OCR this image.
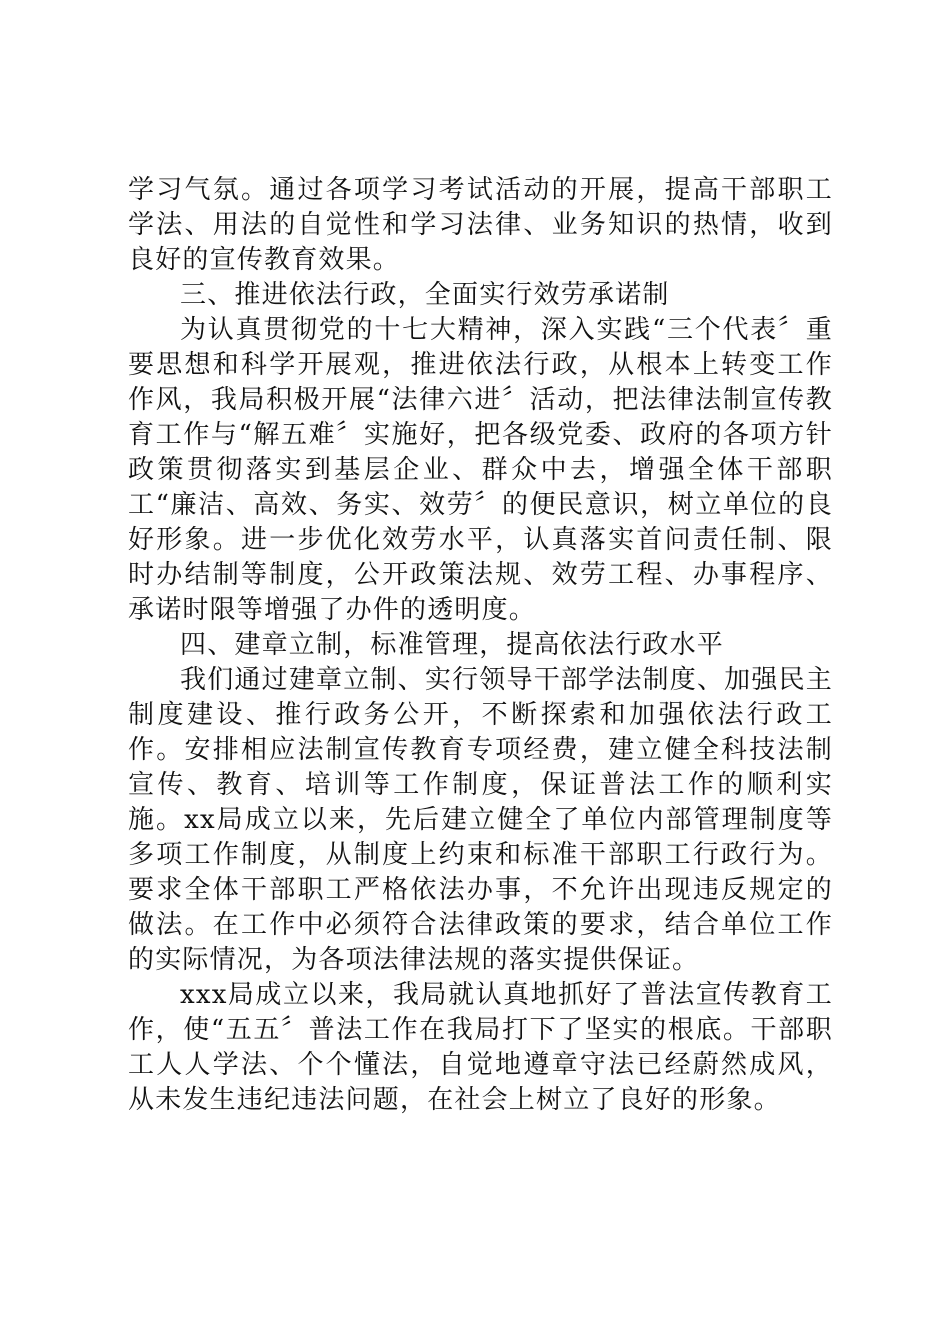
学习气氛。通过各项学习考试活动的开展，提高干部职工学法、用法的自觉性和学习法律、业务知识的热情，收到良好的宣传教育效果。

三、推进依法行政，全面实行效劳承诺制

为认真贯彻党的十七大精神，深入实践“三个代表〞重要思想和科学开展观，推进依法行政，从根本上转变工作作风，我局积极开展“法律六进〞活动，把法律法制宣传教育工作与“解五难〞实施好，把各级党委、政府的各项方针政策贯彻落实到基层企业、群众中去，增强全体干部职工“廉洁、高效、务实、效劳〞的便民意识，树立单位的良好形象。进一步优化效劳水平，认真落实首问责任制、限时办结制等制度，公开政策法规、效劳工程、办事程序、承诺时限等增强了办件的透明度。

四、建章立制，标准管理，提高依法行政水平

我们通过建章立制、实行领导干部学法制度、加强民主制度建设、推行政务公开，不断探索和加强依法行政工作。安排相应法制宣传教育专项经费，建立健全科技法制宣传、教育、培训等工作制度，保证普法工作的顺利实施。xx局成立以来，先后建立健全了单位内部管理制度等多项工作制度，从制度上约束和标准干部职工行政行为。要求全体干部职工严格依法办事，不允许出现违反规定的做法。在工作中必须符合法律政策的要求，结合单位工作的实际情况，为各项法律法规的落实提供保证。

xxx局成立以来，我局就认真地抓好了普法宣传教育工作，使“五五〞普法工作在我局打下了坚实的根底。干部职工人人学法、个个懂法，自觉地遵章守法已经蔚然成风，从未发生违纪违法问题，在社会上树立了良好的形象。
